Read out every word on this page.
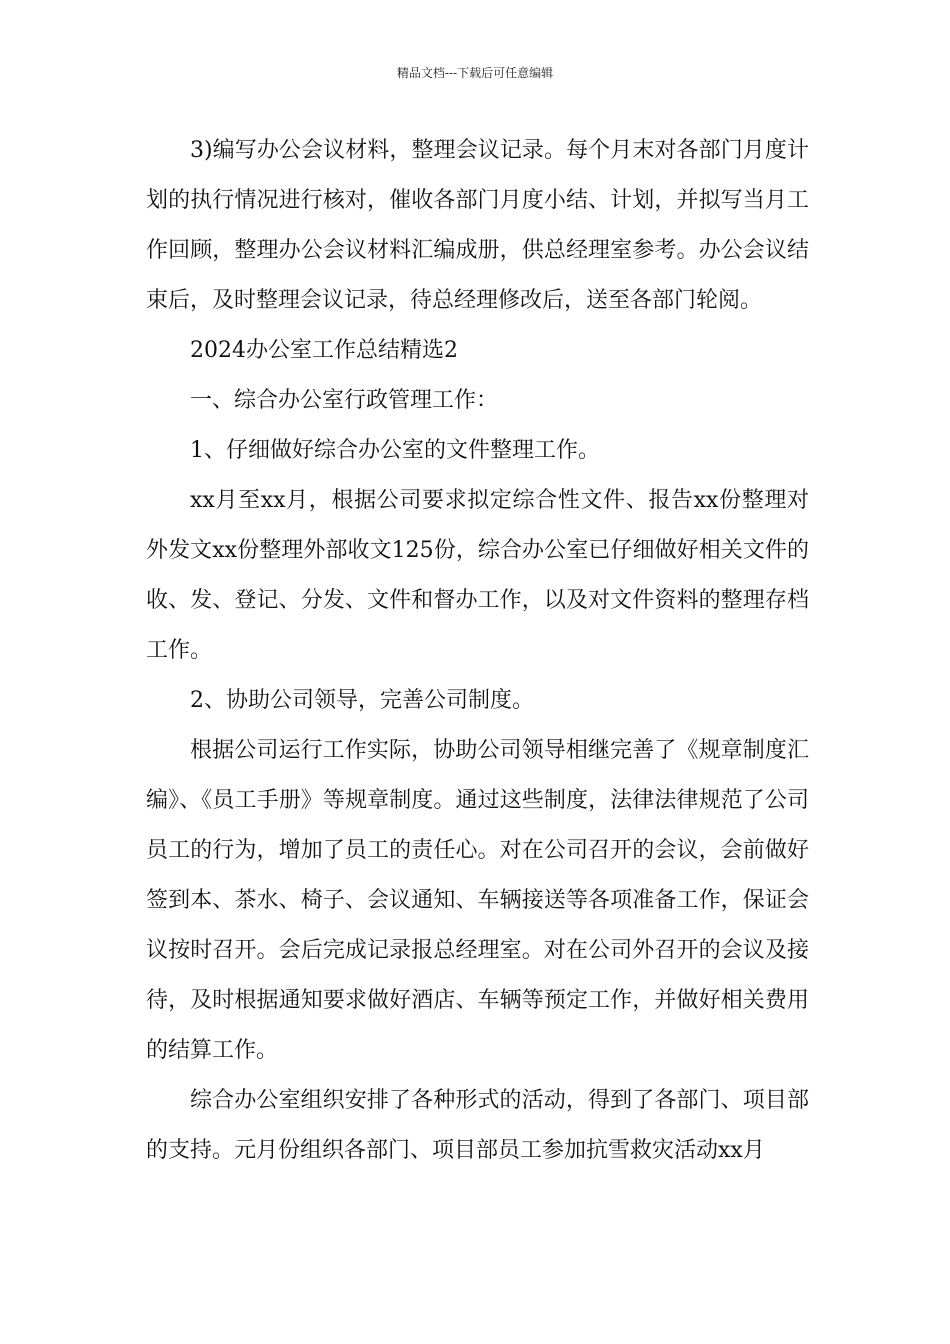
精品文档---下载后可任意编辑

3)编写办公会议材料，整理会议记录。每个月末对各部门月度计划的执行情况进行核对，催收各部门月度小结、计划，并拟写当月工作回顾，整理办公会议材料汇编成册，供总经理室参考。办公会议结束后，及时整理会议记录，待总经理修改后，送至各部门轮阅。

2024办公室工作总结精选2

一、综合办公室行政管理工作：

1、仔细做好综合办公室的文件整理工作。

xx月至xx月，根据公司要求拟定综合性文件、报告xx份整理对外发文xx份整理外部收文125份，综合办公室已仔细做好相关文件的收、发、登记、分发、文件和督办工作，以及对文件资料的整理存档工作。

2、协助公司领导，完善公司制度。

根据公司运行工作实际，协助公司领导相继完善了《规章制度汇编》、《员工手册》等规章制度。通过这些制度，法律法律规范了公司员工的行为，增加了员工的责任心。对在公司召开的会议，会前做好签到本、茶水、椅子、会议通知、车辆接送等各项准备工作，保证会议按时召开。会后完成记录报总经理室。对在公司外召开的会议及接待，及时根据通知要求做好酒店、车辆等预定工作，并做好相关费用的结算工作。

综合办公室组织安排了各种形式的活动，得到了各部门、项目部的支持。元月份组织各部门、项目部员工参加抗雪救灾活动xx月
